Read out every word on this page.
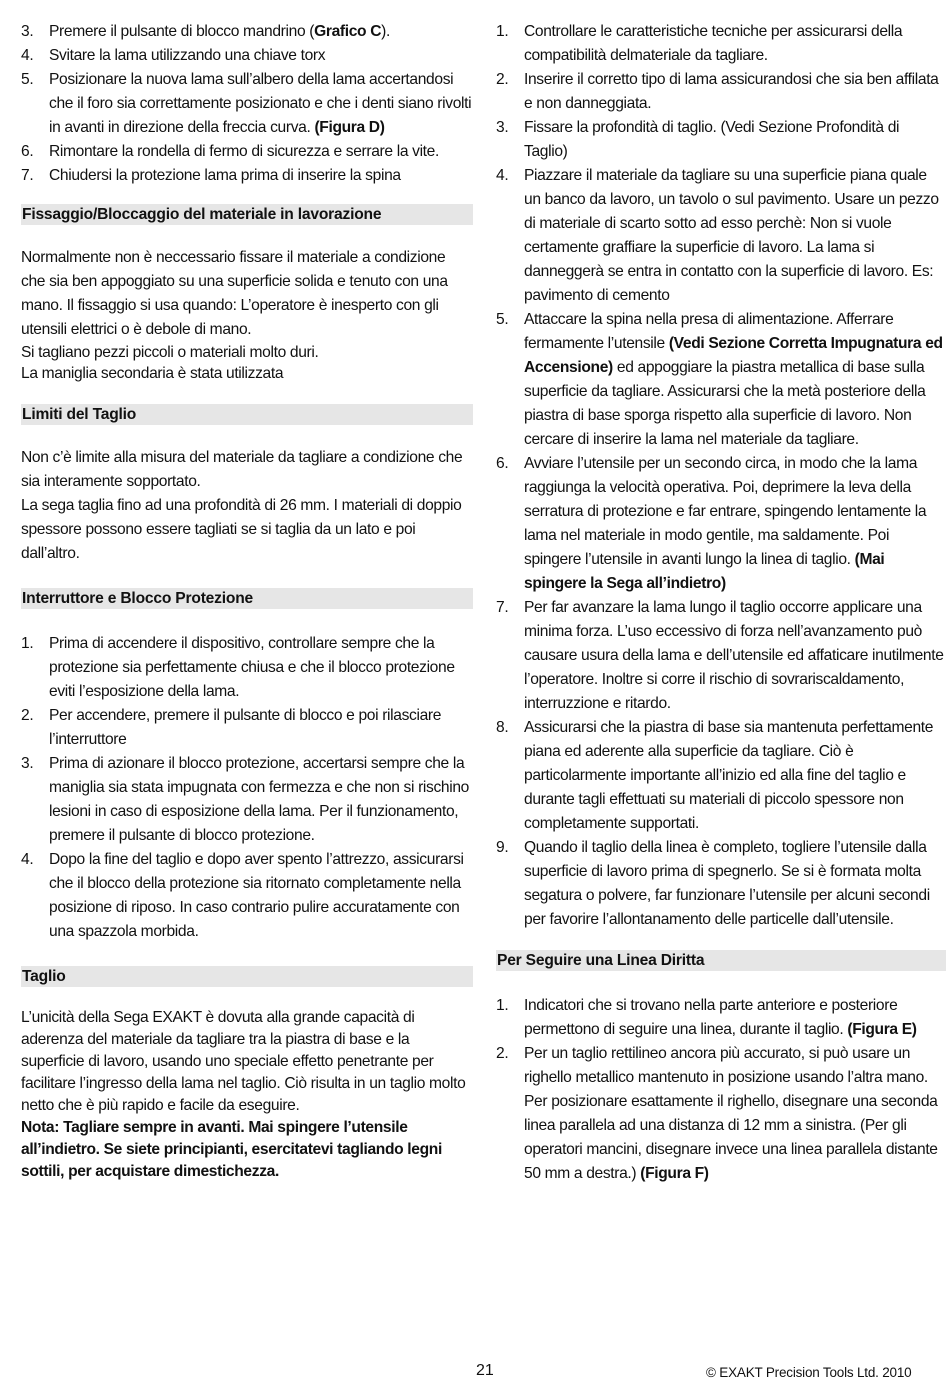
3. Premere il pulsante di blocco mandrino (Grafico C).
4. Svitare la lama utilizzando una chiave torx
5. Posizionare la nuova lama sull’albero della lama accertandosi che il foro sia correttamente posizionato e che i denti siano rivolti in avanti in direzione della freccia curva. (Figura D)
6. Rimontare la rondella di fermo di sicurezza e serrare la vite.
7. Chiudersi la protezione lama prima di inserire la spina
Fissaggio/Bloccaggio del materiale in lavorazione

Normalmente non è neccessario fissare il materiale a condizione che sia ben appoggiato su una superficie solida e tenuto con una mano. Il fissaggio si usa quando: L’operatore è inesperto con gli utensili elettrici o è debole di mano.

Si tagliano pezzi piccoli o materiali molto duri.

La maniglia secondaria è stata utilizzata

Limiti del Taglio

Non c’è limite alla misura del materiale da tagliare a condizione che sia interamente sopportato.

La sega taglia fino ad una profondità di 26 mm. I materiali di doppio spessore possono essere tagliati se si taglia da un lato e poi dall’altro.

Interruttore e Blocco Protezione
1. Prima di accendere il dispositivo, controllare sempre che la protezione sia perfettamente chiusa e che il blocco protezione eviti l’esposizione della lama.
2. Per accendere, premere il pulsante di blocco e poi rilasciare l’interruttore
3. Prima di azionare il blocco protezione, accertarsi sempre che la maniglia sia stata impugnata con fermezza e che non si rischino lesioni in caso di esposizione della lama. Per il funzionamento, premere il pulsante di blocco protezione.
4. Dopo la fine del taglio e dopo aver spento l’attrezzo, assicurarsi che il blocco della protezione sia ritornato completamente nella posizione di riposo. In caso contrario pulire accuratamente con una spazzola morbida.
Taglio

L’unicità della Sega EXAKT è dovuta alla grande capacità di aderenza del materiale da tagliare tra la piastra di base e la superficie di lavoro, usando uno speciale effetto penetrante per facilitare l’ingresso della lama nel taglio. Ciò risulta in un taglio molto netto che è più rapido e facile da eseguire.

Nota: Tagliare sempre in avanti. Mai spingere l’utensile all’indietro. Se siete principianti, esercitatevi tagliando legni sottili, per acquistare dimestichezza.

1. Controllare le caratteristiche tecniche per assicurarsi della compatibilità delmateriale da tagliare.
2. Inserire il corretto tipo di lama assicurandosi che sia ben affilata e non danneggiata.
3. Fissare la profondità di taglio. (Vedi Sezione Profondità di Taglio)
4. Piazzare il materiale da tagliare su una superficie piana quale un banco da lavoro, un tavolo o sul pavimento. Usare un pezzo di materiale di scarto sotto ad esso perchè: Non si vuole certamente graffiare la superficie di lavoro. La lama si danneggerà se entra in contatto con la superficie di lavoro. Es: pavimento di cemento
5. Attaccare la spina nella presa di alimentazione. Afferrare fermamente l’utensile (Vedi Sezione Corretta Impugnatura ed Accensione) ed appoggiare la piastra metallica di base sulla superficie da tagliare. Assicurarsi che la metà posteriore della piastra di base sporga rispetto alla superficie di lavoro. Non cercare di inserire la lama nel materiale da tagliare.
6. Avviare l’utensile per un secondo circa, in modo che la lama raggiunga la velocità operativa. Poi, deprimere la leva della serratura di protezione e far entrare, spingendo lentamente la lama nel materiale in modo gentile, ma saldamente. Poi spingere l’utensile in avanti lungo la linea di taglio. (Mai spingere la Sega all’indietro)
7. Per far avanzare la lama lungo il taglio occorre applicare una minima forza. L’uso eccessivo di forza nell’avanzamento può causare usura della lama e dell’utensile ed affaticare inutilmente l’operatore. Inoltre si corre il rischio di sovrariscaldamento, interruzzione e ritardo.
8. Assicurarsi che la piastra di base sia mantenuta perfettamente piana ed aderente alla superficie da tagliare. Ciò è particolarmente importante all’inizio ed alla fine del taglio e durante tagli effettuati su materiali di piccolo spessore non completamente supportati.
9. Quando il taglio della linea è completo, togliere l’utensile dalla superficie di lavoro prima di spegnerlo. Se si è formata molta segatura o polvere, far funzionare l’utensile per alcuni secondi per favorire l’allontanamento delle particelle dall’utensile.
Per Seguire una Linea Diritta
1. Indicatori che si trovano nella parte anteriore e posteriore permettono di seguire una linea, durante il taglio. (Figura E)
2. Per un taglio rettilineo ancora più accurato, si può usare un righello metallico mantenuto in posizione usando l’altra mano. Per posizionare esattamente il righello, disegnare una seconda linea parallela ad una distanza di 12 mm a sinistra. (Per gli operatori mancini, disegnare invece una linea parallela distante 50 mm a destra.) (Figura F)
21	© EXAKT Precision Tools Ltd. 2010
